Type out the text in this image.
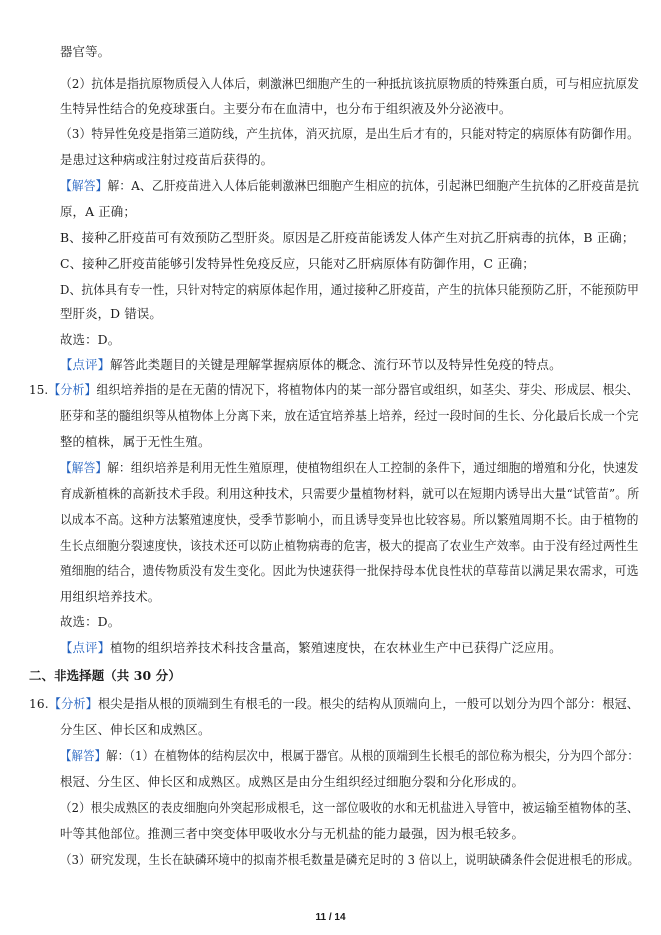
器官等。
（2）抗体是指抗原物质侵入人体后，刺激淋巴细胞产生的一种抵抗该抗原物质的特殊蛋白质，可与相应抗原发
生特异性结合的免疫球蛋白。主要分布在血清中，也分布于组织液及外分泌液中。
（3）特异性免疫是指第三道防线，产生抗体，消灭抗原，是出生后才有的，只能对特定的病原体有防御作用。
是患过这种病或注射过疫苗后获得的。
【解答】解：A、乙肝疫苗进入人体后能刺激淋巴细胞产生相应的抗体，引起淋巴细胞产生抗体的乙肝疫苗是抗
原，A 正确；
B、接种乙肝疫苗可有效预防乙型肝炎。原因是乙肝疫苗能诱发人体产生对抗乙肝病毒的抗体，B 正确；
C、接种乙肝疫苗能够引发特异性免疫反应，只能对乙肝病原体有防御作用，C 正确；
D、抗体具有专一性，只针对特定的病原体起作用，通过接种乙肝疫苗，产生的抗体只能预防乙肝，不能预防甲
型肝炎，D 错误。
故选：D。
【点评】解答此类题目的关键是理解掌握病原体的概念、流行环节以及特异性免疫的特点。
15.【分析】组织培养指的是在无菌的情况下，将植物体内的某一部分器官或组织，如茎尖、芽尖、形成层、根尖、
胚芽和茎的髓组织等从植物体上分离下来，放在适宜培养基上培养，经过一段时间的生长、分化最后长成一个完
整的植株，属于无性生殖。
【解答】解：组织培养是利用无性生殖原理，使植物组织在人工控制的条件下，通过细胞的增殖和分化，快速发
育成新植株的高新技术手段。利用这种技术，只需要少量植物材料，就可以在短期内诱导出大量“试管苗”。所
以成本不高。这种方法繁殖速度快，受季节影响小，而且诱导变异也比较容易。所以繁殖周期不长。由于植物的
生长点细胞分裂速度快，该技术还可以防止植物病毒的危害，极大的提高了农业生产效率。由于没有经过两性生
殖细胞的结合，遗传物质没有发生变化。因此为快速获得一批保持母本优良性状的草莓苗以满足果农需求，可选
用组织培养技术。
故选：D。
【点评】植物的组织培养技术科技含量高，繁殖速度快，在农林业生产中已获得广泛应用。
二、非选择题（共 30 分）
16.【分析】根尖是指从根的顶端到生有根毛的一段。根尖的结构从顶端向上，一般可以划分为四个部分：根冠、
分生区、伸长区和成熟区。
【解答】解：（1）在植物体的结构层次中，根属于器官。从根的顶端到生长根毛的部位称为根尖，分为四个部分：
根冠、分生区、伸长区和成熟区。成熟区是由分生组织经过细胞分裂和分化形成的。
（2）根尖成熟区的表皮细胞向外突起形成根毛，这一部位吸收的水和无机盐进入导管中，被运输至植物体的茎、
叶等其他部位。推测三者中突变体甲吸收水分与无机盐的能力最强，因为根毛较多。
（3）研究发现，生长在缺磷环境中的拟南芥根毛数量是磷充足时的 3 倍以上，说明缺磷条件会促进根毛的形成。
11 / 14
